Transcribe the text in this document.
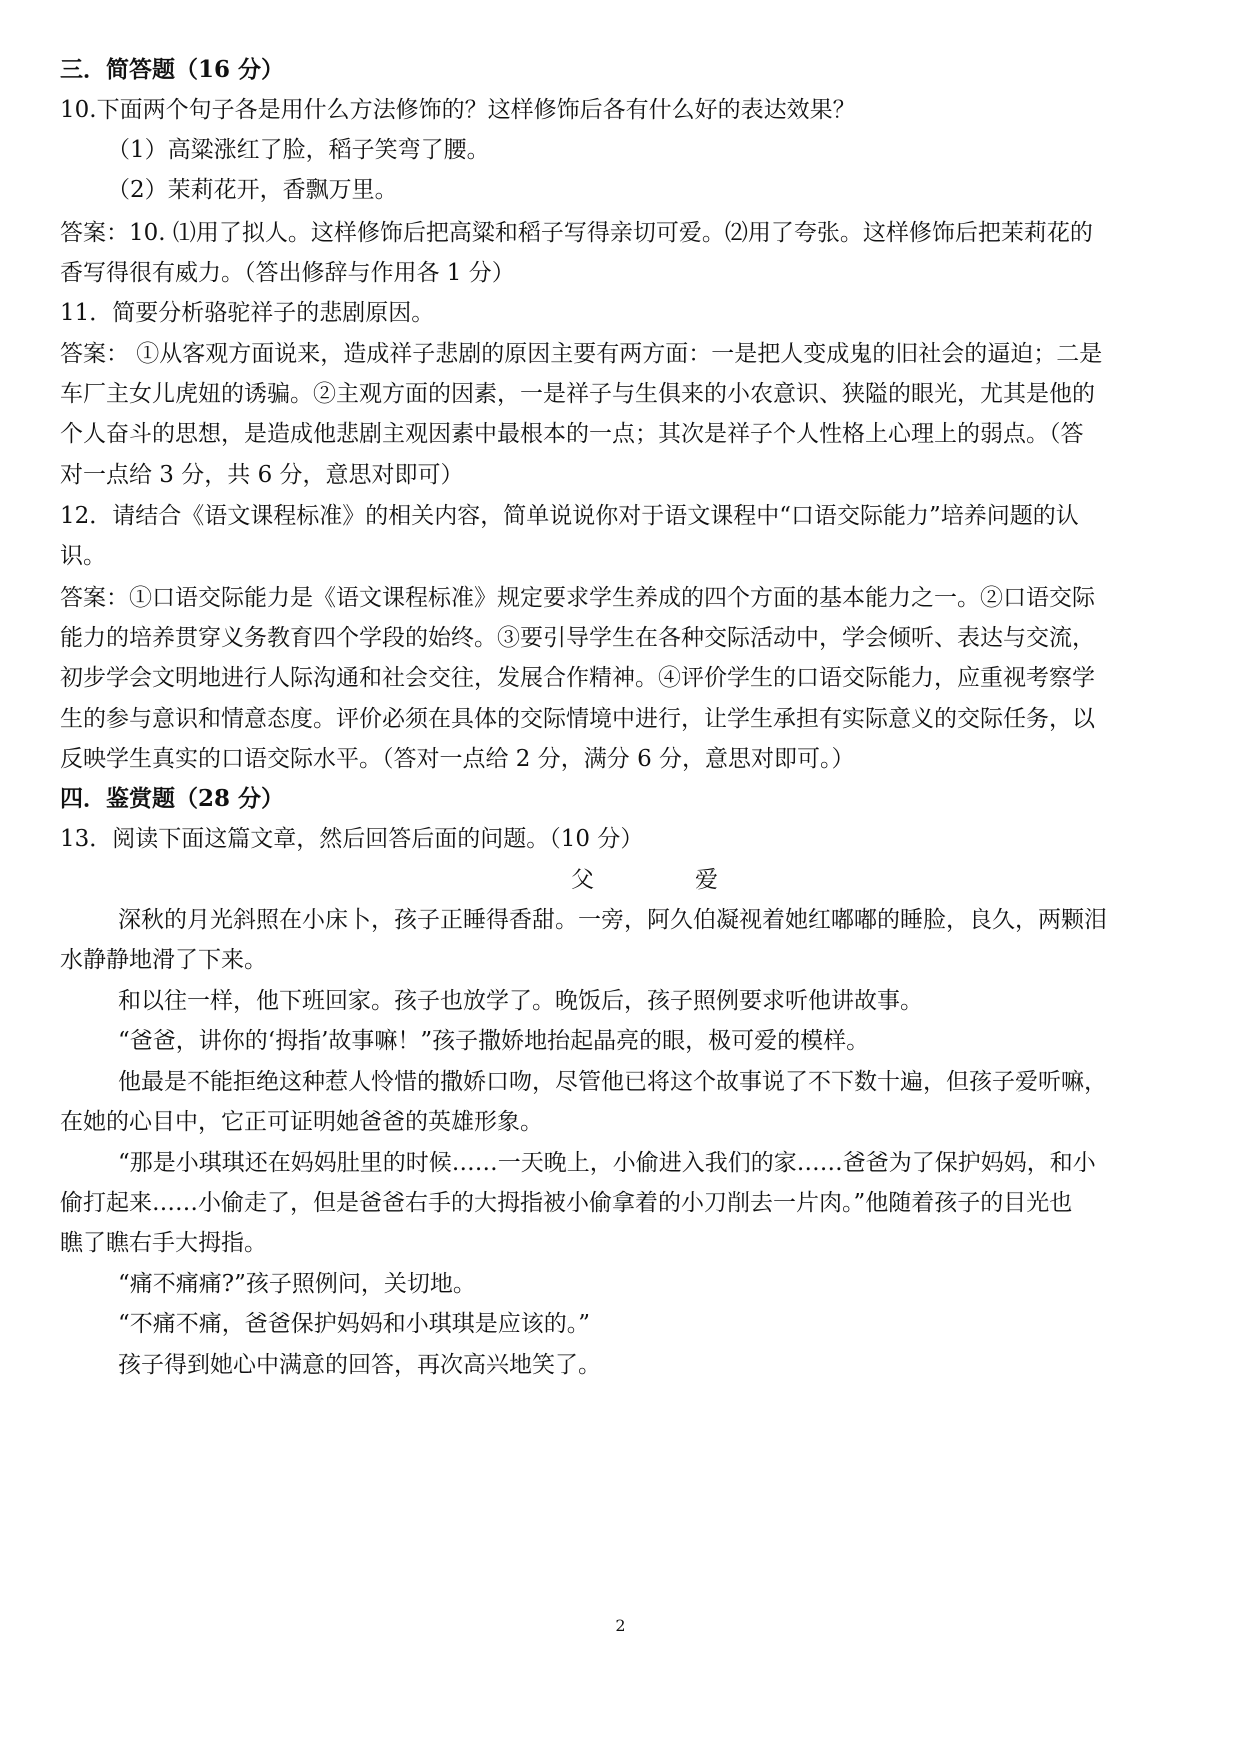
三．简答题（16 分）
10.下面两个句子各是用什么方法修饰的？这样修饰后各有什么好的表达效果？
（1）高粱涨红了脸，稻子笑弯了腰。
（2）茉莉花开，香飘万里。
答案：10. ⑴用了拟人。这样修饰后把高粱和稻子写得亲切可爱。⑵用了夸张。这样修饰后把茉莉花的
香写得很有威力。（答出修辞与作用各 1 分）
11．简要分析骆驼祥子的悲剧原因。
答案： ①从客观方面说来，造成祥子悲剧的原因主要有两方面：一是把人变成鬼的旧社会的逼迫；二是
车厂主女儿虎妞的诱骗。②主观方面的因素，一是祥子与生俱来的小农意识、狭隘的眼光，尤其是他的
个人奋斗的思想，是造成他悲剧主观因素中最根本的一点；其次是祥子个人性格上心理上的弱点。（答
对一点给 3 分，共 6 分，意思对即可）
12．请结合《语文课程标准》的相关内容，简单说说你对于语文课程中“口语交际能力”培养问题的认
识。
答案：①口语交际能力是《语文课程标准》规定要求学生养成的四个方面的基本能力之一。②口语交际
能力的培养贯穿义务教育四个学段的始终。③要引导学生在各种交际活动中，学会倾听、表达与交流，
初步学会文明地进行人际沟通和社会交往，发展合作精神。④评价学生的口语交际能力，应重视考察学
生的参与意识和情意态度。评价必须在具体的交际情境中进行，让学生承担有实际意义的交际任务，以
反映学生真实的口语交际水平。（答对一点给 2 分，满分 6 分，意思对即可。）
四．鉴赏题（28 分）
13．阅读下面这篇文章，然后回答后面的问题。（10 分）
父	爱
深秋的月光斜照在小床卜，孩子正睡得香甜。一旁，阿久伯凝视着她红嘟嘟的睡脸，良久，两颗泪
水静静地滑了下来。
和以往一样，他下班回家。孩子也放学了。晚饭后，孩子照例要求听他讲故事。
“爸爸，讲你的‘拇指’故事嘛！”孩子撒娇地抬起晶亮的眼，极可爱的模样。
他最是不能拒绝这种惹人怜惜的撒娇口吻，尽管他已将这个故事说了不下数十遍，但孩子爱听嘛，
在她的心目中，它正可证明她爸爸的英雄形象。
“那是小琪琪还在妈妈肚里的时候……一天晚上，小偷进入我们的家……爸爸为了保护妈妈，和小
偷打起来……小偷走了，但是爸爸右手的大拇指被小偷拿着的小刀削去一片肉。”他随着孩子的目光也
瞧了瞧右手大拇指。
“痛不痛痛?”孩子照例问，关切地。
“不痛不痛，爸爸保护妈妈和小琪琪是应该的。”
孩子得到她心中满意的回答，再次高兴地笑了。
2
